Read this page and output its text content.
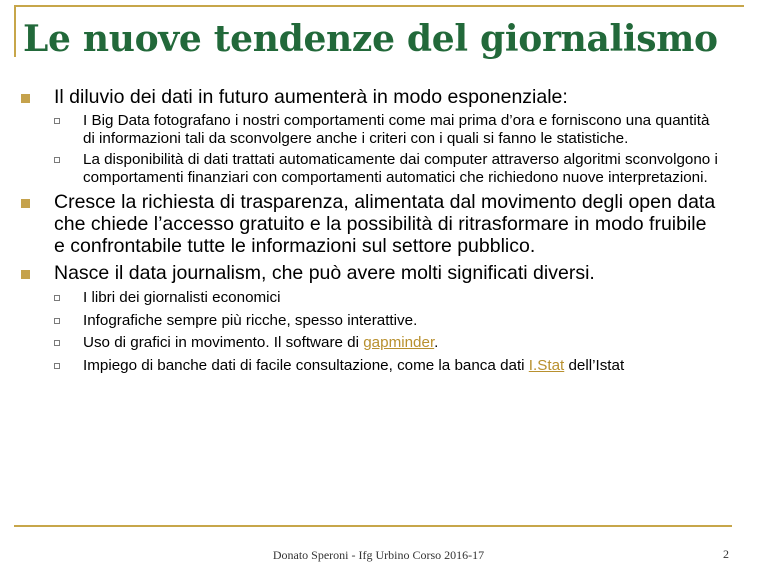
Le nuove tendenze del giornalismo
Il diluvio dei dati in futuro aumenterà in modo esponenziale:
I Big Data fotografano i nostri comportamenti come mai prima d’ora e forniscono una quantità di informazioni tali da sconvolgere anche i criteri con i quali si fanno le statistiche.
La disponibilità di dati trattati automaticamente dai computer attraverso algoritmi sconvolgono i comportamenti finanziari con comportamenti automatici che richiedono nuove interpretazioni.
Cresce la richiesta di trasparenza, alimentata dal movimento degli open data che chiede l’accesso gratuito e la possibilità di ritrasformare in modo fruibile e confrontabile tutte le informazioni sul settore pubblico.
Nasce il data journalism, che può avere molti significati diversi.
I libri dei giornalisti economici
Infografiche sempre più ricche, spesso interattive.
Uso di grafici in movimento. Il software di gapminder.
Impiego di banche dati di facile consultazione, come la banca dati I.Stat dell’Istat
Donato Speroni - Ifg Urbino Corso 2016-17	2
